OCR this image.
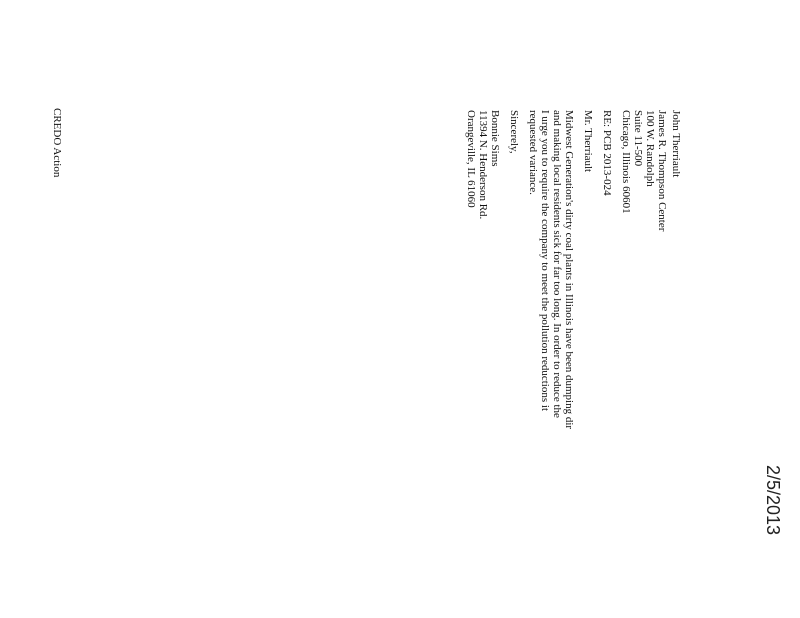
2/5/2013
John Therriault
James R. Thompson Center
100 W. Randolph
Suite 11-500
Chicago, Illinois 60601
RE: PCB 2013-024
Mr. Therriault
Midwest Generation's dirty coal plants in Illinois have been dumping dir
and making local residents sick for far too long. In order to reduce the
I urge you to require the company to meet the pollution reductions it
requested variance.
Sincerely,
Bonnie Sims
11394 N. Henderson Rd.
Orangeville, IL 61060
CREDO Action
